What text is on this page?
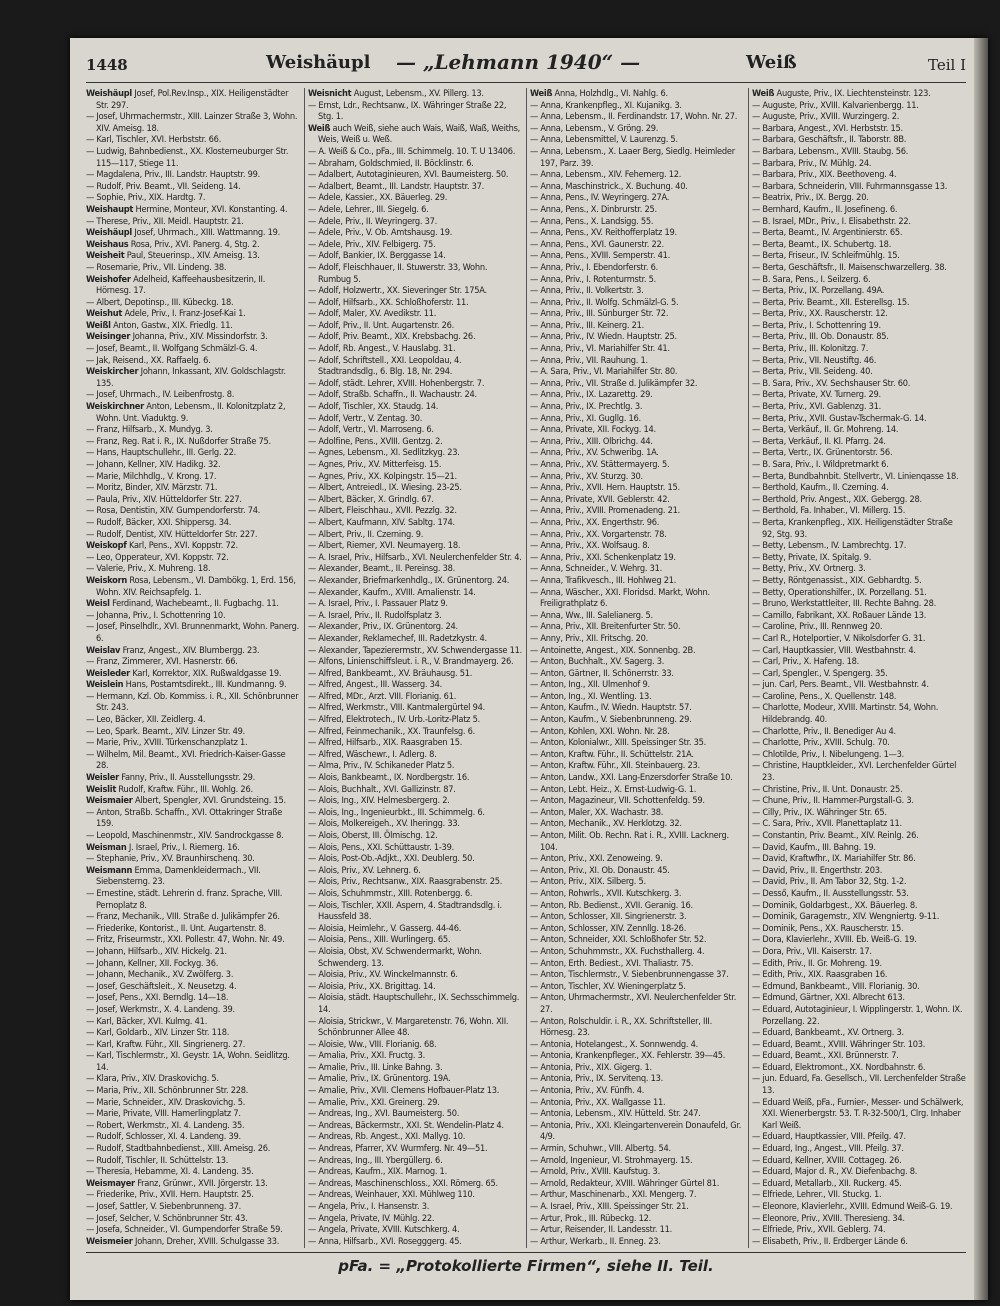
1448	Weishäupl — „Lehmann 1940“ —	Weiß	Teil I

Weishäupl Josef, Pol.Rev.Insp., XIX. Heiligenstädter Str. 297.

— Josef, Uhrmachermstr., XIII. Lainzer Straße 3, Wohn. XIV. Ameisg. 18.

— Karl, Tischler, XVI. Herbststr. 66.

— Ludwig, Bahnbedienst., XX. Klosterneuburger Str. 115—117, Stiege 11.

— Magdalena, Priv., III. Landstr. Hauptstr. 99.

— Rudolf, Priv. Beamt., VII. Seideng. 14.

— Sophie, Priv., XIX. Hardtg. 7.

Weishaupt Hermine, Monteur, XVI. Konstanting. 4.

— Therese, Priv., XII. Meidl. Hauptstr. 21.

Weishäupl Josef, Uhrmach., XIII. Wattmanng. 19.

Weishaus Rosa, Priv., XVI. Panerg. 4, Stg. 2.

Weisheit Paul, Steuerinsp., XIV. Ameisg. 13.

— Rosemarie, Priv., VII. Lindeng. 38.

Weishofer Adelheid, Kaffeehausbesitzerin, II. Hörnesg. 17.

— Albert, Depotinsp., III. Kübeckg. 18.

Weishut Adele, Priv., I. Franz-Josef-Kai 1.

Weißl Anton, Gastw., XIX. Friedlg. 11.

Weisinger Johanna, Priv., XIV. Missindorfstr. 3.

— Josef, Beamt., II. Wolfgang Schmälzl-G. 4.

— Jak, Reisend., XX. Raffaelg. 6.

Weiskircher Johann, Inkassant, XIV. Goldschlagstr. 135.

— Josef, Uhrmach., IV. Leibenfrostg. 8.

Weiskirchner Anton, Lebensm., II. Kolonitzplatz 2, Wohn. Unt. Viaduktg. 9.

— Franz, Hilfsarb., X. Mundyg. 3.

— Franz, Reg. Rat i. R., IX. Nußdorfer Straße 75.

— Hans, Hauptschullehr., III. Gerlg. 22.

— Johann, Kellner, XIV. Hadikg. 32.

— Marie, Milchhdlg., V. Krong. 17.

— Moritz, Binder, XIV. Märzstr. 71.

— Paula, Priv., XIV. Hütteldorfer Str. 227.

— Rosa, Dentistin, XIV. Gumpendorferstr. 74.

— Rudolf, Bäcker, XXI. Shippersg. 34.

— Rudolf, Dentist, XIV. Hütteldorfer Str. 227.

Weiskopf Karl, Pens., XVI. Koppstr. 72.

— Leo, Opperateur, XVI. Koppstr. 72.

— Valerie, Priv., X. Muhreng. 18.

Weiskorn Rosa, Lebensm., VI. Dambökg. 1, Erd. 156, Wohn. XIV. Reichsapfelg. 1.

Weisl Ferdinand, Wachebeamt., II. Fugbachg. 11.

— Johanna, Priv., I. Schottenring 10.

— Josef, Pinselhdlr., XVI. Brunnenmarkt, Wohn. Panerg. 6.

Weislav Franz, Angest., XIV. Blumbergg. 23.

— Franz, Zimmerer, XVI. Hasnerstr. 66.

Weisleder Karl, Korrektor, XIX. Rußwaldgasse 19.

Weislein Hans, Postamtsdirekt., III. Kundmanng. 9.

— Hermann, Kzl. Ob. Kommiss. i. R., XII. Schönbrunner Str. 243.

— Leo, Bäcker, XII. Zeidlerg. 4.

— Leo, Spark. Beamt., XIV. Linzer Str. 49.

— Marie, Priv., XVIII. Türkenschanzplatz 1.

— Wilhelm, Mil. Beamt., XVI. Friedrich-Kaiser-Gasse 28.

Weisler Fanny, Priv., II. Ausstellungsstr. 29.

Weislit Rudolf, Kraftw. Führ., III. Wohlg. 26.

Weismaier Albert, Spengler, XVI. Grundsteing. 15.

— Anton, Straßb. Schaffn., XVI. Ottakringer Straße 159.

— Leopold, Maschinenmstr., XIV. Sandrockgasse 8.

Weisman J. Israel, Priv., I. Riemerg. 16.

— Stephanie, Priv., XV. Braunhirschenq. 30.

Weismann Emma, Damenkleidermach., VII. Siebensterng. 23.

— Ernestine, städt. Lehrerin d. franz. Sprache, VIII. Pernoplatz 8.

— Franz, Mechanik., VIII. Straße d. Julikämpfer 26.

— Friederike, Kontorist., II. Unt. Augartenstr. 8.

— Fritz, Friseurmstr., XXI. Pollestr. 47, Wohn. Nr. 49.

— Johann, Hilfsarb., XIV. Hickelg. 21.

— Johann, Kellner, XII. Fockyg. 36.

— Johann, Mechanik., XV. Zwölferg. 3.

— Josef, Geschäftsleit., X. Neusetzg. 4.

— Josef, Pens., XXI. Berndlg. 14—18.

— Josef, Werkmstr., X. 4. Landeng. 39.

— Karl, Bäcker, XVI. Kulmg. 41.

— Karl, Goldarb., XIV. Linzer Str. 118.

— Karl, Kraftw. Führ., XII. Singrienerg. 27.

— Karl, Tischlermstr., XI. Geystr. 1A, Wohn. Seidlitzg. 14.

— Klara, Priv., XIV. Draskovichg. 5.

— Maria, Priv., XII. Schönbrunner Str. 228.

— Marie, Schneider., XIV. Draskovichg. 5.

— Marie, Private, VIII. Hamerlingplatz 7.

— Robert, Werkmstr., XI. 4. Landeng. 35.

— Rudolf, Schlosser, XI. 4. Landeng. 39.

— Rudolf, Stadtbahnbedienst., XIII. Ameisg. 26.

— Rudolf, Tischler, II. Schüttelstr. 13.

— Theresia, Hebamme, XI. 4. Landeng. 35.

Weismayer Franz, Grünwr., XVII. Jörgerstr. 13.

— Friederike, Priv., XVII. Hern. Hauptstr. 25.

— Josef, Sattler, V. Siebenbrunneng. 37.

— Josef, Selcher, V. Schönbrunner Str. 43.

— Josefa, Schneider., VI. Gumpendorfer Straße 59.

Weismeier Johann, Dreher, XVIII. Schulgasse 33.

Weisnicht August, Lebensm., XV. Pillerg. 13.

— Ernst, Ldr., Rechtsanw., IX. Währinger Straße 22, Stg. 1.

Weiß auch Weiß, siehe auch Wais, Waiß, Waß, Weiths, Weis, Weiß u. Weß.

— A. Weiß & Co., pFa., III. Schimmelg. 10. T. U 13406.

— Abraham, Goldschmied, II. Böcklinstr. 6.

— Adalbert, Autotaginieuren, XVI. Baumeisterg. 50.

— Adalbert, Beamt., III. Landstr. Hauptstr. 37.

— Adele, Kassier., XX. Bäuerleg. 29.

— Adele, Lehrer., III. Siegelg. 6.

— Adele, Priv., II. Weyringerg. 37.

— Adele, Priv., V. Ob. Amtshausg. 19.

— Adele, Priv., XIV. Felbigerg. 75.

— Adolf, Bankier, IX. Berggasse 14.

— Adolf, Fleischhauer, II. Stuwerstr. 33, Wohn. Rumbug 5.

— Adolf, Holzwertr., XX. Sieveringer Str. 175A.

— Adolf, Hilfsarb., XX. Schloßhoferstr. 11.

— Adolf, Maler, XV. Avedikstr. 11.

— Adolf, Priv., II. Unt. Augartenstr. 26.

— Adolf, Priv. Beamt., XIX. Krebsbachg. 26.

— Adolf, Rb. Angest., V. Hauslabg. 31.

— Adolf, Schriftstell., XXI. Leopoldau, 4. Stadtrandsdlg., 6. Blg. 18, Nr. 294.

— Adolf, städt. Lehrer, XVIII. Hohenbergstr. 7.

— Adolf, Straßb. Schaffn., II. Wachaustr. 24.

— Adolf, Tischler, XX. Staudg. 14.

— Adolf, Vertr., V. Zentag. 30.

— Adolf, Vertr., VI. Marroseng. 6.

— Adolfine, Pens., XVIII. Gentzg. 2.

— Agnes, Lebensm., XI. Sedlitzkyg. 23.

— Agnes, Priv., XV. Mitterfeisg. 15.

— Agnes, Priv., XX. Kolpingstr. 15—21.

— Albert, Antreiedl., IX. Wiesing. 23-25.

— Albert, Bäcker, X. Grindlg. 67.

— Albert, Fleischhau., XVII. Pezzlg. 32.

— Albert, Kaufmann, XIV. Sabltg. 174.

— Albert, Priv., II. Czerning. 9.

— Albert, Riemer, XVI. Neumayerg. 18.

— A. Israel, Priv., Hilfsarb., XVI. Neulerchenfelder Str. 4.

— Alexander, Beamt., II. Pereinsg. 38.

— Alexander, Briefmarkenhdlg., IX. Grünentorg. 24.

— Alexander, Kaufm., XVIII. Amalienstr. 14.

— A. Israel, Priv., I. Passauer Platz 9.

— A. Israel, Priv., II. Rudolfsplatz 3.

— Alexander, Priv., IX. Grünentorg. 24.

— Alexander, Reklamechef, III. Radetzkystr. 4.

— Alexander, Tapezierermstr., XV. Schwendergasse 11.

— Alfons, Linienschiffsleut. i. R., V. Brandmayerg. 26.

— Alfred, Bankbeamt., XV. Bräuhausg. 51.

— Alfred, Angest., III. Wasserg. 34.

— Alfred, MDr., Arzt. VIII. Florianig. 61.

— Alfred, Werkmstr., VIII. Kantmalergürtel 94.

— Alfred, Elektrotech., IV. Urb.-Loritz-Platz 5.

— Alfred, Feinmechanik., XX. Traunfelsg. 6.

— Alfred, Hilfsarb., XIX. Raasgraben 15.

— Alfred, Wäschewr., I. Adlerg. 8.

— Alma, Priv., IV. Schikaneder Platz 5.

— Alois, Bankbeamt., IX. Nordbergstr. 16.

— Alois, Buchhalt., XVI. Gallizinstr. 87.

— Alois, Ing., XIV. Helmesbergerg. 2.

— Alois, Ing., Ingenieurbkt., III. Schimmelg. 6.

— Alois, Molkereigeh., XV. Iheringg. 33.

— Alois, Oberst, III. Ölmischg. 12.

— Alois, Pens., XXI. Schüttaustr. 1-39.

— Alois, Post-Ob.-Adjkt., XXI. Deublerg. 50.

— Alois, Priv., XV. Lehnerg. 6.

— Alois, Priv., Rechtsanw., XIX. Raasgrabenstr. 25.

— Alois, Schuhmmstr., XIII. Rotenbergg. 6.

— Alois, Tischler, XXII. Aspern, 4. Stadtrandsdlg. i. Haussfeld 38.

— Aloisia, Heimlehr., V. Gasserg. 44-46.

— Aloisia, Pens., XIII. Wurlingerg. 65.

— Aloisia, Obst, XV. Schwendermarkt, Wohn. Schwenderg. 13.

— Aloisia, Priv., XV. Winckelmannstr. 6.

— Aloisia, Priv., XX. Brigittag. 14.

— Aloisia, städt. Hauptschullehr., IX. Sechsschimmelg. 14.

— Aloisia, Strickwr., V. Margaretenstr. 76, Wohn. XII. Schönbrunner Allee 48.

— Aloisie, Ww., VIII. Florianig. 68.

— Amalia, Priv., XXI. Fructg. 3.

— Amalie, Priv., III. Linke Bahng. 3.

— Amalie, Priv., IX. Grünentorg. 19A.

— Amalie, Priv., XVII. Clemens Hofbauer-Platz 13.

— Amalie, Priv., XXI. Greinerg. 29.

— Andreas, Ing., XVI. Baumeisterg. 50.

— Andreas, Bäckermstr., XXI. St. Wendelin-Platz 4.

— Andreas, Rb. Angest., XXI. Mallyg. 10.

— Andreas, Pfarrer, XV. Wurmferg. Nr. 49—51.

— Andreas, Ing., III. Ybergüllerg. 6.

— Andreas, Kaufm., XIX. Marnog. 1.

— Andreas, Maschinenschloss., XXI. Römerg. 65.

— Andreas, Weinhauer, XXI. Mühlweg 110.

— Angela, Priv., I. Hansenstr. 3.

— Angela, Private, IV. Mühlg. 22.

— Angela, Private, XVIII. Kutschkerg. 4.

— Anna, Hilfsarb., XVI. Rosegggerg. 45.

Weiß Anna, Holzhdlg., VI. Nahlg. 6.

— Anna, Krankenpfleg., XI. Kujanikg. 3.

— Anna, Lebensm., II. Ferdinandstr. 17, Wohn. Nr. 27.

— Anna, Lebensm., V. Gröng. 29.

— Anna, Lebensmittel, V. Laurenzg. 5.

— Anna, Lebensm., X. Laaer Berg, Siedlg. Heimleder 197, Parz. 39.

— Anna, Lebensm., XIV. Fehemerg. 12.

— Anna, Maschinstrick., X. Buchung. 40.

— Anna, Pens., IV. Weyringerg. 27A.

— Anna, Pens., X. Dinbrurstr. 25.

— Anna, Pens., X. Landsigg. 55.

— Anna, Pens., XV. Reithofferplatz 19.

— Anna, Pens., XVI. Gaunerstr. 22.

— Anna, Pens., XVIII. Semperstr. 41.

— Anna, Priv., I. Ebendorferstr. 6.

— Anna, Priv., I. Rotenturmstr. 5.

— Anna, Priv., II. Volkertstr. 3.

— Anna, Priv., II. Wolfg. Schmälzl-G. 5.

— Anna, Priv., III. Sünburger Str. 72.

— Anna, Priv., III. Keinerg. 21.

— Anna, Priv., IV. Wiedn. Hauptstr. 25.

— Anna, Priv., VI. Mariahilfer Str. 41.

— Anna, Priv., VII. Rauhung. 1.

— A. Sara, Priv., VI. Mariahilfer Str. 80.

— Anna, Priv., VII. Straße d. Julikämpfer 32.

— Anna, Priv., IX. Lazarettg. 29.

— Anna, Priv., IX. Prechtlg. 3.

— Anna, Priv., XI. Gugllg. 16.

— Anna, Private, XII. Fockyg. 14.

— Anna, Priv., XIII. Olbrichg. 44.

— Anna, Priv., XV. Schweribg. 1A.

— Anna, Priv., XV. Stättermayerg. 5.

— Anna, Priv., XV. Sturzg. 30.

— Anna, Priv., XVII. Hern. Hauptstr. 15.

— Anna, Private, XVII. Geblerstr. 42.

— Anna, Priv., XVIII. Promenadeng. 21.

— Anna, Priv., XX. Engerthstr. 96.

— Anna, Priv., XX. Vorgartenstr. 78.

— Anna, Priv., XX. Wolfsaug. 8.

— Anna, Priv., XXI. Schenkenplatz 19.

— Anna, Schneider., V. Wehrg. 31.

— Anna, Trafikvesch., III. Hohlweg 21.

— Anna, Wäscher., XXI. Floridsd. Markt, Wohn. Freiligrathplatz 6.

— Anna, Ww., III. Salelianerg. 5.

— Anna, Priv., XII. Breitenfurter Str. 50.

— Anny, Priv., XII. Fritschg. 20.

— Antoinette, Angest., XIX. Sonnenbg. 2B.

— Anton, Buchhalt., XV. Sagerg. 3.

— Anton, Gärtner, II. Schönerrstr. 33.

— Anton, Ing., XII. Ulmenhof 9.

— Anton, Ing., XI. Wentling. 13.

— Anton, Kaufm., IV. Wiedn. Hauptstr. 57.

— Anton, Kaufm., V. Siebenbrunneng. 29.

— Anton, Kohlen, XXI. Wohn. Nr. 28.

— Anton, Kolonialwr., XIII. Speissinger Str. 35.

— Anton, Kraftw. Führ., II. Schüttelstr. 21A.

— Anton, Kraftw. Führ., XII. Steinbauerg. 23.

— Anton, Landw., XXI. Lang-Enzersdorfer Straße 10.

— Anton, Lebt. Heiz., X. Ernst-Ludwig-G. 1.

— Anton, Magazineur, VII. Schottenfeldg. 59.

— Anton, Maler, XX. Wachastr. 38.

— Anton, Mechanik., XV. Herklotzg. 32.

— Anton, Milit. Ob. Rechn. Rat i. R., XVIII. Lacknerg. 104.

— Anton, Priv., XXI. Zenoweing. 9.

— Anton, Priv., XI. Ob. Donaustr. 45.

— Anton, Priv., XIX. Silberg. 5.

— Anton, Rohwrls., XVII. Kutschkerg. 3.

— Anton, Rb. Bedienst., XVII. Geranig. 16.

— Anton, Schlosser, XII. Singrienerstr. 3.

— Anton, Schlosser, XIV. Zennllg. 18-26.

— Anton, Schneider, XXI. Schloßhofer Str. 52.

— Anton, Schuhmmstr., XX. Fuchsthallerg. 4.

— Anton, Erth. Bediest., XVI. Thaliastr. 75.

— Anton, Tischlermstr., V. Siebenbrunnengasse 37.

— Anton, Tischler, XV. Wieningerplatz 5.

— Anton, Uhrmachermstr., XVI. Neulerchenfelder Str. 27.

— Anton, Rolschuldir. i. R., XX. Schriftsteller, III. Hörnesg. 23.

— Antonia, Hotelangest., X. Sonnwendg. 4.

— Antonia, Krankenpfleger., XX. Fehlerstr. 39—45.

— Antonia, Priv., XIX. Gigerg. 1.

— Antonia, Priv., IX. Servitenq. 13.

— Antonia, Priv., XV. Fünfh. 4.

— Antonia, Priv., XX. Wallgasse 11.

— Antonia, Lebensm., XIV. Hütteld. Str. 247.

— Antonia, Priv., XXI. Kleingartenverein Donaufeld, Gr. 4/9.

— Armin, Schuhwr., VIII. Albertg. 54.

— Arnold, Ingenieur, VI. Strohmayerg. 15.

— Arnold, Priv., XVIII. Kaufstug. 3.

— Arnold, Redakteur, XVIII. Währinger Gürtel 81.

— Arthur, Maschinenarb., XXI. Mengerg. 7.

— A. Israel, Priv., XIII. Speissinger Str. 21.

— Artur, Prok., III. Rübeckg. 12.

— Artur, Reisender, II. Landesstr. 11.

— Arthur, Werkarb., II. Enneg. 23.

Weiß Auguste, Priv., IX. Liechtensteinstr. 123.

— Auguste, Priv., XVIII. Kalvarienbergg. 11.

— Auguste, Priv., XVIII. Wurzingerg. 2.

— Barbara, Angest., XVI. Herbststr. 15.

— Barbara, Geschäftsfr., II. Taborstr. 8B.

— Barbara, Lebensm., XVIII. Staubg. 56.

— Barbara, Priv., IV. Mühlg. 24.

— Barbara, Priv., XIX. Beethoveng. 4.

— Barbara, Schneiderin, VIII. Fuhrmannsgasse 13.

— Beatrix, Priv., IX. Bergg. 20.

— Bernhard, Kaufm., II. Josefineng. 6.

— B. Israel, MDr., Priv., I. Elisabethstr. 22.

— Berta, Beamt., IV. Argentinierstr. 65.

— Berta, Beamt., IX. Schubertg. 18.

— Berta, Friseur., IV. Schleifmühlg. 15.

— Berta, Geschäftsfr., II. Maisenschwarzellerg. 38.

— B. Sara, Pens., I. Seilzerg. 6.

— Berta, Priv., IX. Porzellang. 49A.

— Berta, Priv. Beamt., XII. Esterellsg. 15.

— Berta, Priv., XX. Rauscherstr. 12.

— Berta, Priv., I. Schottenring 19.

— Berta, Priv., III. Ob. Donaustr. 85.

— Berta, Priv., III. Kolonitzg. 7.

— Berta, Priv., VII. Neustiftg. 46.

— Berta, Priv., VII. Seideng. 40.

— B. Sara, Priv., XV. Sechshauser Str. 60.

— Berta, Private, XV. Turnerg. 29.

— Berta, Priv., XVI. Gablenzg. 31.

— Berta, Priv., XVII. Gustav-Tschermak-G. 14.

— Berta, Verkäuf., II. Gr. Mohreng. 14.

— Berta, Verkäuf., II. Kl. Pfarrg. 24.

— Berta, Vertr., IX. Grünentorstr. 56.

— B. Sara, Priv., I. Wildpretmarkt 6.

— Berta, Bundbahnbit. Stellvertr., VI. Linienqasse 18.

— Berthold, Kaufm., II. Czerning. 4.

— Berthold, Priv. Angest., XIX. Gebergg. 28.

— Berthold, Fa. Inhaber., VI. Millerg. 15.

— Berta, Krankenpfleg., XIX. Heiligenstädter Straße 92, Stg. 93.

— Betty, Lebensm., IV. Lambrechtg. 17.

— Betty, Private, IX. Spitalg. 9.

— Betty, Priv., XV. Ortnerg. 3.

— Betty, Röntgenassist., XIX. Gebhardtg. 5.

— Betty, Operationshilfer., IX. Porzellang. 51.

— Bruno, Werkstattleiter, III. Rechte Bahng. 28.

— Camillo, Fabrikant, XX. Roßauer Lände 13.

— Caroline, Priv., III. Rennweg 20.

— Carl R., Hotelportier, V. Nikolsdorfer G. 31.

— Carl, Hauptkassier, VIII. Westbahnstr. 4.

— Carl, Priv., X. Hafeng. 18.

— Carl, Spengler., V. Spengerg. 35.

— jun. Carl, Pers. Beamt., VII. Westbahnstr. 4.

— Caroline, Pens., X. Quellenstr. 148.

— Charlotte, Modeur, XVIII. Martinstr. 54, Wohn. Hildebrandg. 40.

— Charlotte, Priv., II. Benediger Au 4.

— Charlotte, Priv., XVIII. Schulg. 70.

— Chlotilde, Priv., I. Nibelungeng. 1—3.

— Christine, Hauptkleider., XVI. Lerchenfelder Gürtel 23.

— Christine, Priv., II. Unt. Donaustr. 25.

— Chune, Priv., II. Hammer-Purgstall-G. 3.

— Cilly, Priv., IX. Währinger Str. 65.

— C. Sara, Priv., XVII. Planettaplatz 11.

— Constantin, Priv. Beamt., XIV. Reinlg. 26.

— David, Kaufm., III. Bahng. 19.

— David, Kraftwfhr., IX. Mariahilfer Str. 86.

— David, Priv., II. Engerthstr. 203.

— David, Priv., II. Am Tabor 32, Stg. 1-2.

— Desső, Kaufm., II. Ausstellungsstr. 53.

— Dominik, Goldarbgest., XX. Bäuerleg. 8.

— Dominik, Garagemstr., XIV. Wengniertg. 9-11.

— Dominik, Pens., XX. Rauscherstr. 15.

— Dora, Klavierlehr., XVIII. Eb. Weiß-G. 19.

— Dora, Priv., VII. Kaiserstr. 17.

— Edith, Priv., II. Gr. Mohreng. 19.

— Edith, Priv., XIX. Raasgraben 16.

— Edmund, Bankbeamt., VIII. Florianig. 30.

— Edmund, Gärtner, XXI. Albrecht 613.

— Eduard, Autotaginieur, I. Wipplingerstr. 1, Wohn. IX. Porzellang. 22.

— Eduard, Bankbeamt., XV. Ortnerg. 3.

— Eduard, Beamt., XVIII. Währinger Str. 103.

— Eduard, Beamt., XXI. Brünnerstr. 7.

— Eduard, Elektromont., XX. Nordbahnstr. 6.

— jun. Eduard, Fa. Gesellsch., VII. Lerchenfelder Straße 13.

— Eduard Weiß, pFa., Furnier-, Messer- und Schälwerk, XXI. Wienerbergstr. 53. T. R-32-500/1, Clrg. Inhaber Karl Weiß.

— Eduard, Hauptkassier, VIII. Pfeilg. 47.

— Eduard, Ing., Angest., VIII. Pfeilg. 37.

— Eduard, Kellner, XVIII. Cottageg. 26.

— Eduard, Major d. R., XV. Diefenbachg. 8.

— Eduard, Metallarb., XII. Ruckerg. 45.

— Elfriede, Lehrer., VII. Stuckg. 1.

— Eleonore, Klavierlehr., XVIII. Edmund Weiß-G. 19.

— Eleonore, Priv., XVIII. Theresieng. 34.

— Elfriede, Priv., XVII. Geblerg. 74.

— Elisabeth, Priv., II. Erdberger Lände 6.

pFa. = „Protokollierte Firmen“, siehe II. Teil.
